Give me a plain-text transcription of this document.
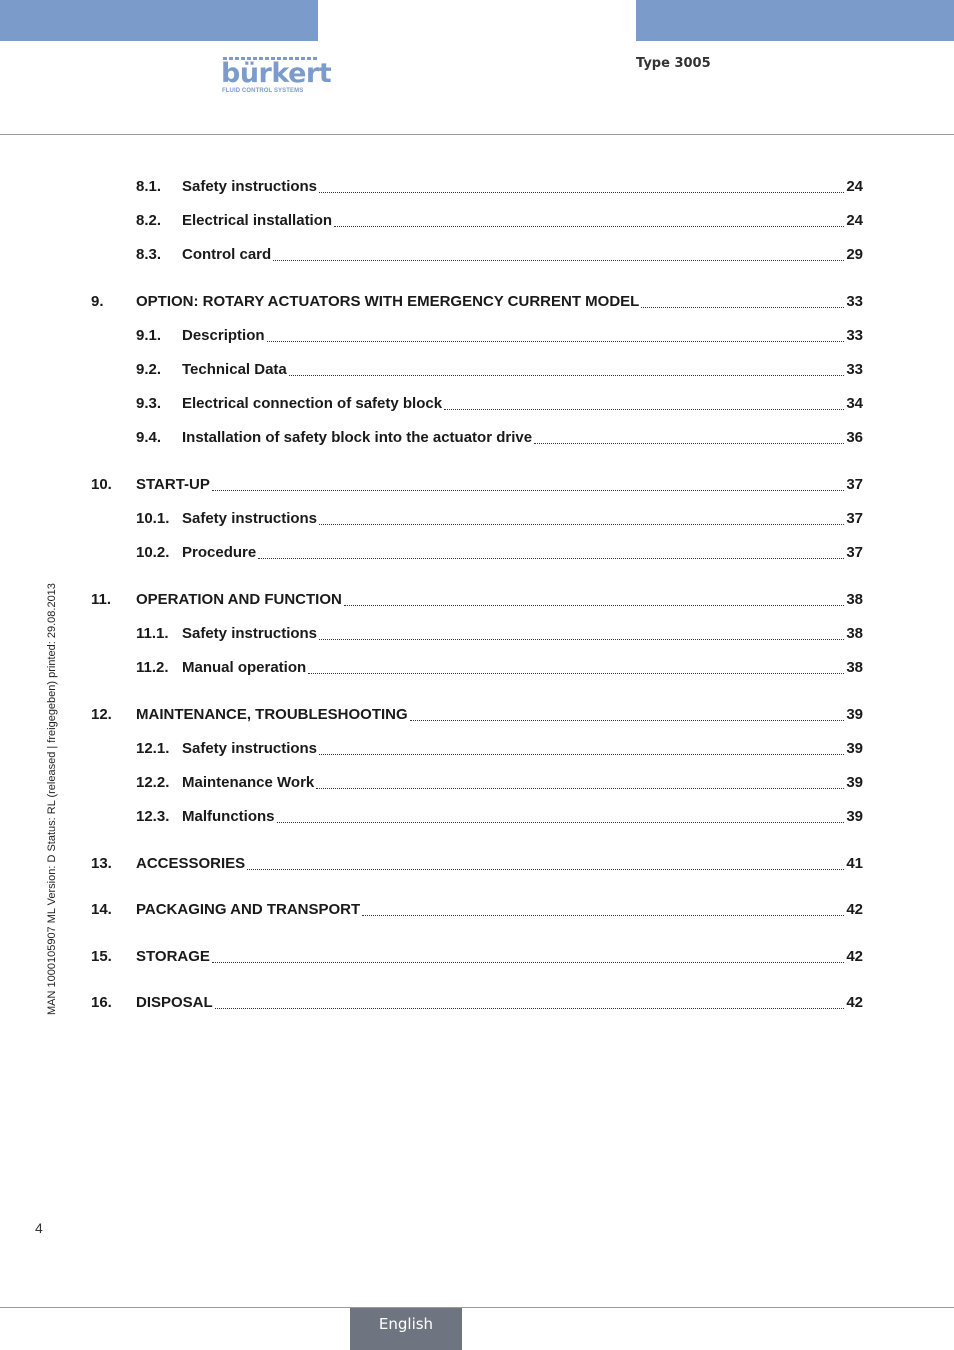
bürkert
FLUID CONTROL SYSTEMS
Type 3005
MAN 1000105907 ML Version: D Status: RL (released | freigegeben) printed: 29.08.2013
8.1.	Safety instructions	24
8.2.	Electrical installation	24
8.3.	Control card	29
9.	OPTION: ROTARY ACTUATORS WITH EMERGENCY CURRENT MODEL	33
9.1.	Description	33
9.2.	Technical Data	33
9.3.	Electrical connection of safety block	34
9.4.	Installation of safety block into the actuator drive	36
10.	START-UP	37
10.1. Safety instructions	37
10.2. Procedure	37
11.	OPERATION AND FUNCTION	38
11.1. Safety instructions	38
11.2. Manual operation	38
12.	MAINTENANCE, TROUBLESHOOTING	39
12.1. Safety instructions	39
12.2. Maintenance Work	39
12.3. Malfunctions	39
13.	ACCESSORIES	41
14.	PACKAGING AND TRANSPORT	42
15.	STORAGE	42
16.	DISPOSAL	42
4
English
